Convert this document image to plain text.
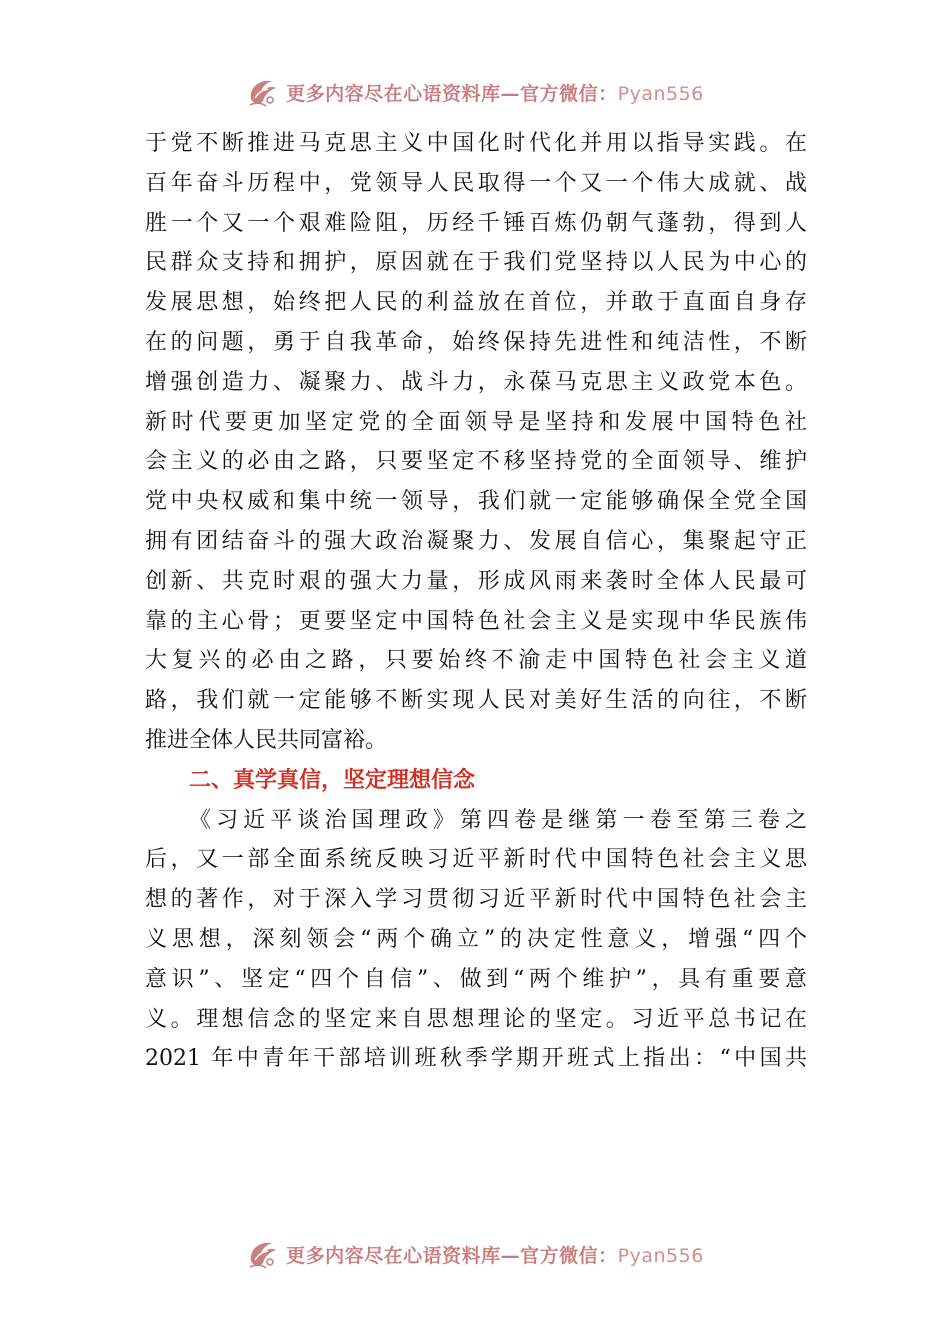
更多内容尽在心语资料库—官方微信：Pyan556
于党不断推进马克思主义中国化时代化并用以指导实践。在
百年奋斗历程中，党领导人民取得一个又一个伟大成就、战
胜一个又一个艰难险阻，历经千锤百炼仍朝气蓬勃，得到人
民群众支持和拥护，原因就在于我们党坚持以人民为中心的
发展思想，始终把人民的利益放在首位，并敢于直面自身存
在的问题，勇于自我革命，始终保持先进性和纯洁性，不断
增强创造力、凝聚力、战斗力，永葆马克思主义政党本色。
新时代要更加坚定党的全面领导是坚持和发展中国特色社
会主义的必由之路，只要坚定不移坚持党的全面领导、维护
党中央权威和集中统一领导，我们就一定能够确保全党全国
拥有团结奋斗的强大政治凝聚力、发展自信心，集聚起守正
创新、共克时艰的强大力量，形成风雨来袭时全体人民最可
靠的主心骨；更要坚定中国特色社会主义是实现中华民族伟
大复兴的必由之路，只要始终不渝走中国特色社会主义道
路，我们就一定能够不断实现人民对美好生活的向往，不断
推进全体人民共同富裕。
二、真学真信，坚定理想信念
《习近平谈治国理政》第四卷是继第一卷至第三卷之
后，又一部全面系统反映习近平新时代中国特色社会主义思
想的著作，对于深入学习贯彻习近平新时代中国特色社会主
义思想，深刻领会“两个确立”的决定性意义，增强“四个
意识”、坚定“四个自信”、做到“两个维护”，具有重要意
义。理想信念的坚定来自思想理论的坚定。习近平总书记在
2021 年中青年干部培训班秋季学期开班式上指出：“中国共
更多内容尽在心语资料库—官方微信：Pyan556
